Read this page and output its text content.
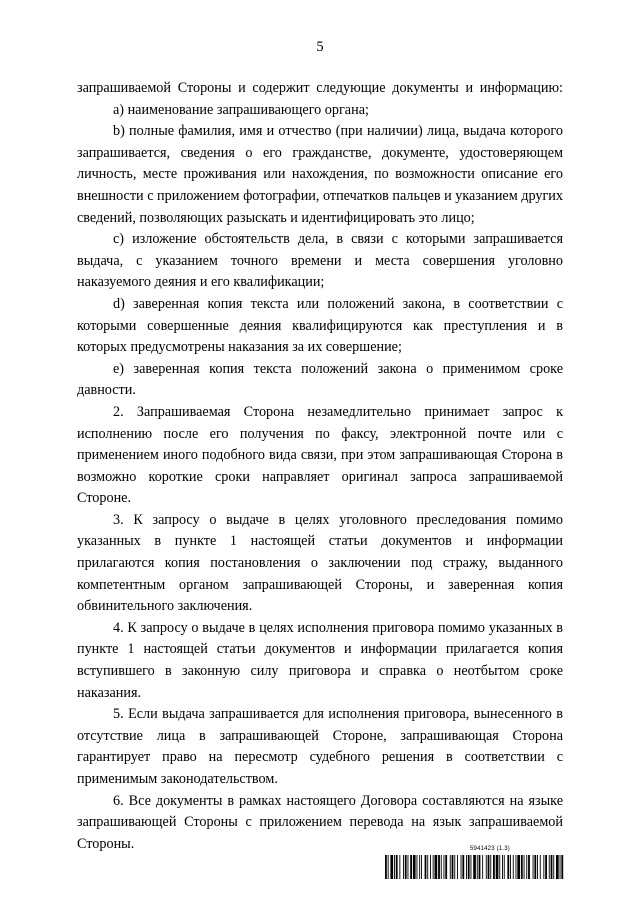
5

запрашиваемой Стороны и содержит следующие документы и информацию:

a) наименование запрашивающего органа;

b) полные фамилия, имя и отчество (при наличии) лица, выдача которого запрашивается, сведения о его гражданстве, документе, удостоверяющем личность, месте проживания или нахождения, по возможности описание его внешности с приложением фотографии, отпечатков пальцев и указанием других сведений, позволяющих разыскать и идентифицировать это лицо;

c) изложение обстоятельств дела, в связи с которыми запрашивается выдача, с указанием точного времени и места совершения уголовно наказуемого деяния и его квалификации;

d) заверенная копия текста или положений закона, в соответствии с которыми совершенные деяния квалифицируются как преступления и в которых предусмотрены наказания за их совершение;

e) заверенная копия текста положений закона о применимом сроке давности.

2. Запрашиваемая Сторона незамедлительно принимает запрос к исполнению после его получения по факсу, электронной почте или с применением иного подобного вида связи, при этом запрашивающая Сторона в возможно короткие сроки направляет оригинал запроса запрашиваемой Стороне.

3. К запросу о выдаче в целях уголовного преследования помимо указанных в пункте 1 настоящей статьи документов и информации прилагаются копия постановления о заключении под стражу, выданного компетентным органом запрашивающей Стороны, и заверенная копия обвинительного заключения.

4. К запросу о выдаче в целях исполнения приговора помимо указанных в пункте 1 настоящей статьи документов и информации прилагается копия вступившего в законную силу приговора и справка о неотбытом сроке наказания.

5. Если выдача запрашивается для исполнения приговора, вынесенного в отсутствие лица в запрашивающей Стороне, запрашивающая Сторона гарантирует право на пересмотр судебного решения в соответствии с применимым законодательством.

6. Все документы в рамках настоящего Договора составляются на языке запрашивающей Стороны с приложением перевода на язык запрашиваемой Стороны.	5941423 (1.3)
